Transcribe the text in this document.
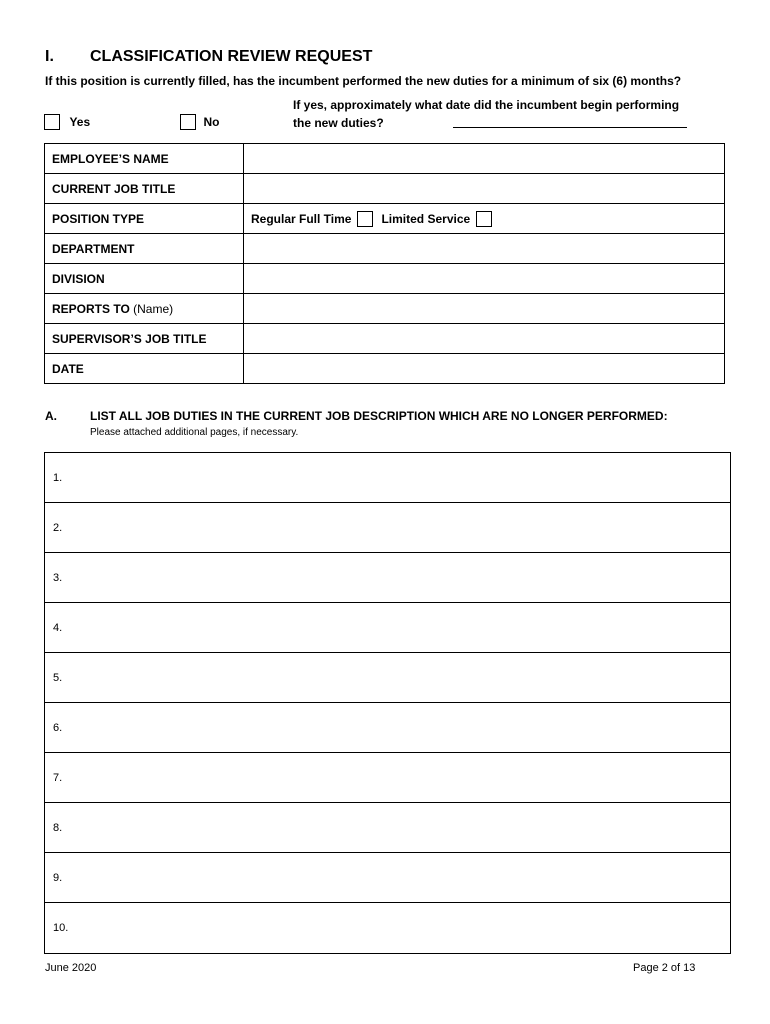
I. CLASSIFICATION REVIEW REQUEST
If this position is currently filled, has the incumbent performed the new duties for a minimum of six (6) months?
Yes	No
If yes, approximately what date did the incumbent begin performing
the new duties?
EMPLOYEE’S NAME	
CURRENT JOB TITLE	
POSITION TYPE	Regular Full Time Limited Service
DEPARTMENT	
DIVISION	
REPORTS TO (Name)	
SUPERVISOR’S JOB TITLE	
DATE	
A.	LIST ALL JOB DUTIES IN THE CURRENT JOB DESCRIPTION WHICH ARE NO LONGER PERFORMED:
Please attached additional pages, if necessary.
1.
2.
3.
4.
5.
6.
7.
8.
9.
10.
June 2020	Page 2 of 13
